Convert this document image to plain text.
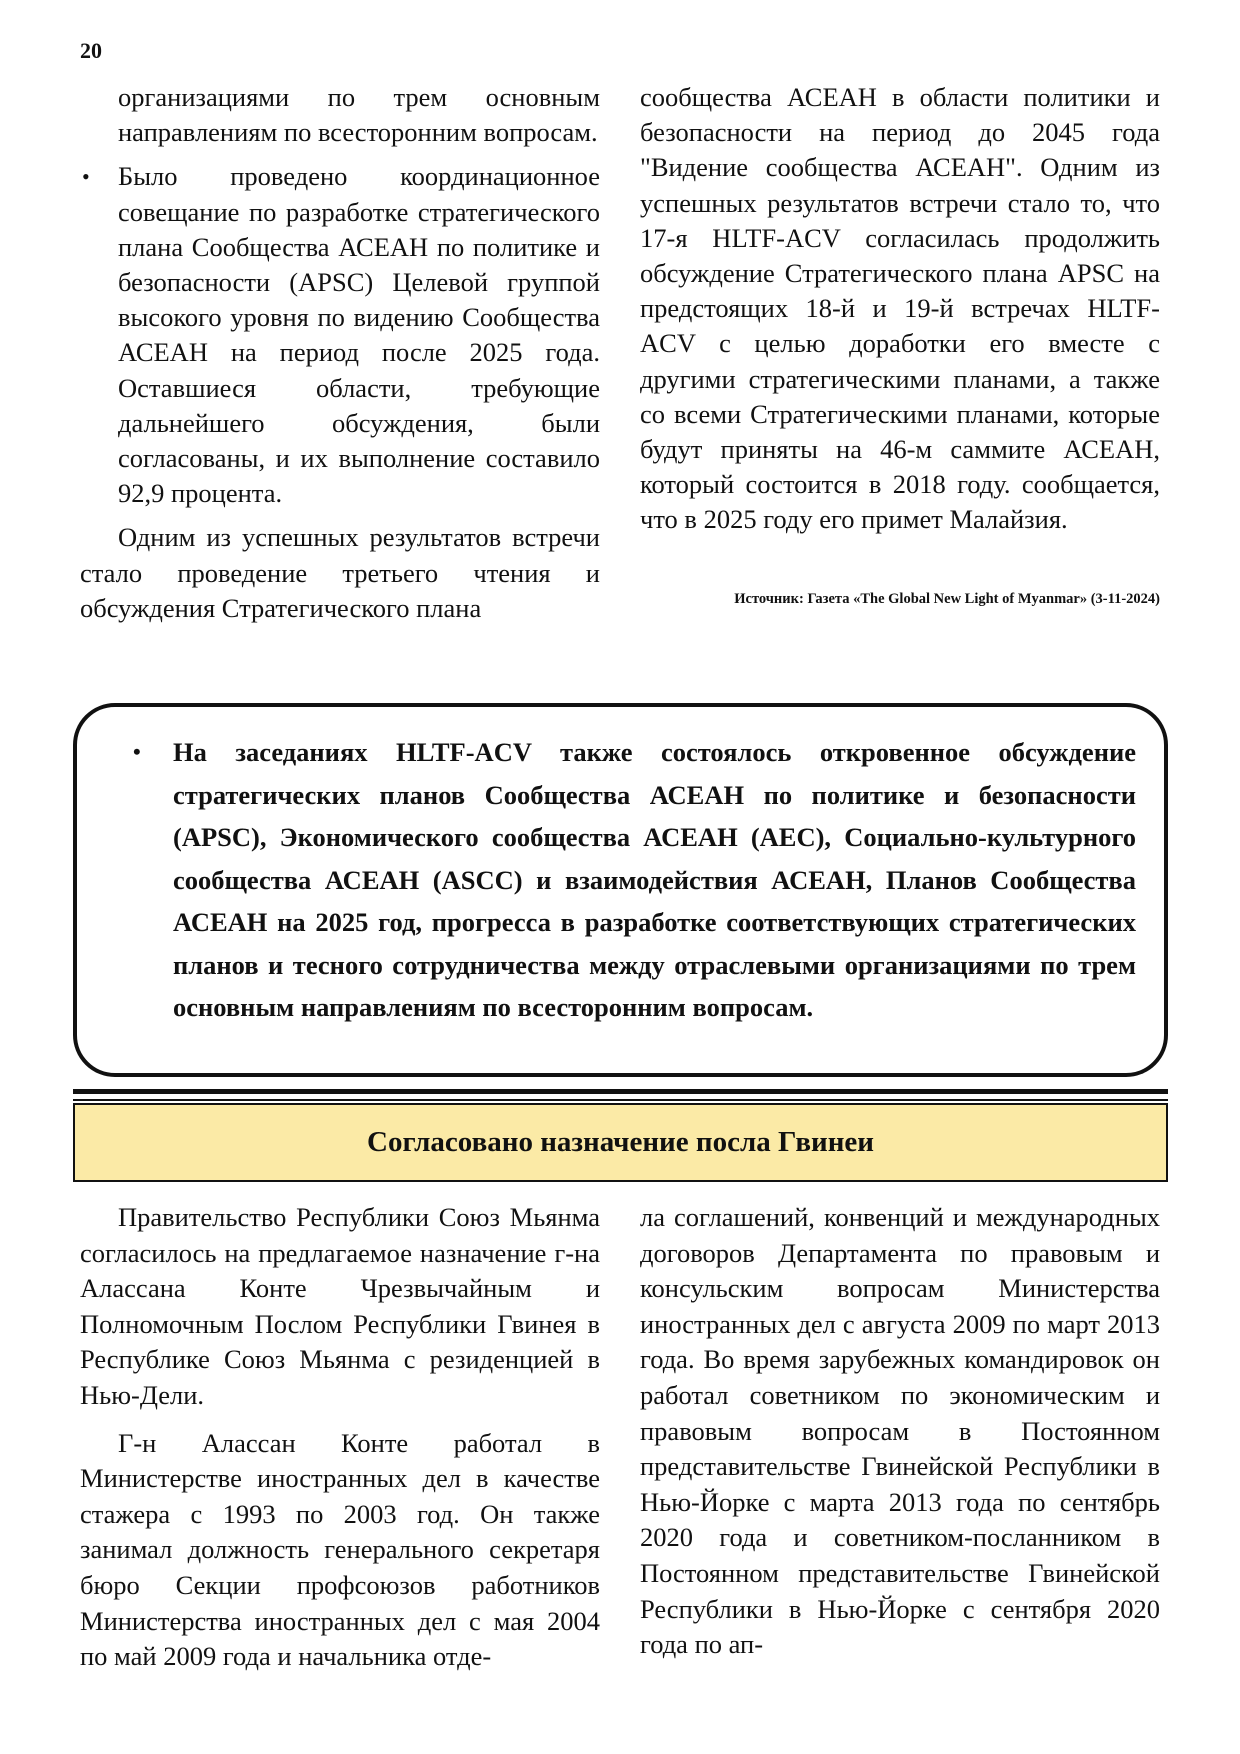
20

организациями по трем основным направлениям по всесторонним вопросам.

• Было проведено координационное совещание по разработке стратегического плана Сообщества АСЕАН по политике и безопасности (APSC) Целевой группой высокого уровня по видению Сообщества АСЕАН на период после 2025 года. Оставшиеся области, требующие дальнейшего обсуждения, были согласованы, и их выполнение составило 92,9 процента.

Одним из успешных результатов встречи стало проведение третьего чтения и обсуждения Стратегического плана

сообщества АСЕАН в области политики и безопасности на период до 2045 года "Видение сообщества АСЕАН". Одним из успешных результатов встречи стало то, что 17-я HLTF-ACV согласилась продолжить обсуждение Стратегического плана APSC на предстоящих 18-й и 19-й встречах HLTF-ACV с целью доработки его вместе с другими стратегическими планами, а также со всеми Стратегическими планами, которые будут приняты на 46-м саммите АСЕАН, который состоится в 2018 году. сообщается, что в 2025 году его примет Малайзия.

Источник: Газета «The Global New Light of Myanmar» (3-11-2024)
• На заседаниях HLTF-ACV также состоялось откровенное обсуждение стратегических планов Сообщества АСЕАН по политике и безопасности (APSC), Экономического сообщества АСЕАН (AEC), Социально-культурного сообщества АСЕАН (ASCC) и взаимодействия АСЕАН, Планов Сообщества АСЕАН на 2025 год, прогресса в разработке соответствующих стратегических планов и тесного сотрудничества между отраслевыми организациями по трем основным направлениям по всесторонним вопросам.
Согласовано назначение посла Гвинеи

Правительство Республики Союз Мьянма согласилось на предлагаемое назначение г-на Алассана Конте Чрезвычайным и Полномочным Послом Республики Гвинея в Республике Союз Мьянма с резиденцией в Нью-Дели.

Г-н Алассан Конте работал в Министерстве иностранных дел в качестве стажера с 1993 по 2003 год. Он также занимал должность генерального секретаря бюро Секции профсоюзов работников Министерства иностранных дел с мая 2004 по май 2009 года и начальника отде-

ла соглашений, конвенций и международных договоров Департамента по правовым и консульским вопросам Министерства иностранных дел с августа 2009 по март 2013 года. Во время зарубежных командировок он работал советником по экономическим и правовым вопросам в Постоянном представительстве Гвинейской Республики в Нью-Йорке с марта 2013 года по сентябрь 2020 года и советником-посланником в Постоянном представительстве Гвинейской Республики в Нью-Йорке с сентября 2020 года по ап-
